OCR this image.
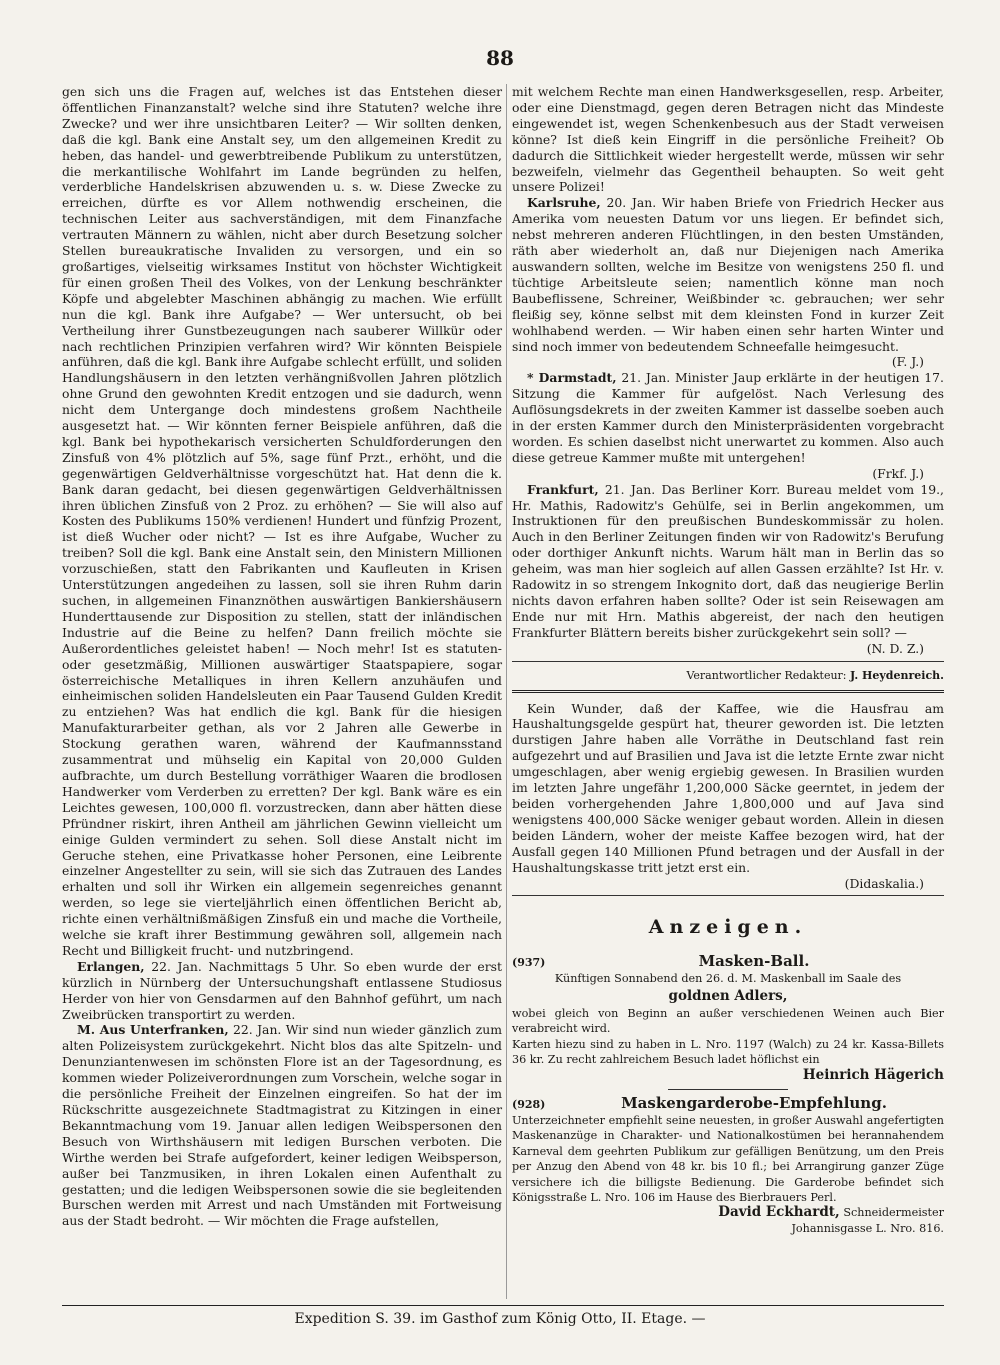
88

gen sich uns die Fragen auf, welches ist das Entstehen dieser öffentlichen Finanzanstalt? welche sind ihre Statuten? welche ihre Zwecke? und wer ihre unsichtbaren Leiter? — Wir sollten denken, daß die kgl. Bank eine Anstalt sey, um den allgemeinen Kredit zu heben, das handel- und gewerbtreibende Publikum zu unterstützen, die merkantilische Wohlfahrt im Lande begründen zu helfen, verderbliche Handelskrisen abzuwenden u. s. w. Diese Zwecke zu erreichen, dürfte es vor Allem nothwendig erscheinen, die technischen Leiter aus sachverständigen, mit dem Finanzfache vertrauten Männern zu wählen, nicht aber durch Besetzung solcher Stellen bureaukratische Invaliden zu versorgen, und ein so großartiges, vielseitig wirksames Institut von höchster Wichtigkeit für einen großen Theil des Volkes, von der Lenkung beschränkter Köpfe und abgelebter Maschinen abhängig zu machen. Wie erfüllt nun die kgl. Bank ihre Aufgabe? — Wer untersucht, ob bei Vertheilung ihrer Gunstbezeugungen nach sauberer Willkür oder nach rechtlichen Prinzipien verfahren wird? Wir könnten Beispiele anführen, daß die kgl. Bank ihre Aufgabe schlecht erfüllt, und soliden Handlungshäusern in den letzten verhängnißvollen Jahren plötzlich ohne Grund den gewohnten Kredit entzogen und sie dadurch, wenn nicht dem Untergange doch mindestens großem Nachtheile ausgesetzt hat. — Wir könnten ferner Beispiele anführen, daß die kgl. Bank bei hypothekarisch versicherten Schuldforderungen den Zinsfuß von 4% plötzlich auf 5%, sage fünf Przt., erhöht, und die gegenwärtigen Geldverhältnisse vorgeschützt hat. Hat denn die k. Bank daran gedacht, bei diesen gegenwärtigen Geldverhältnissen ihren üblichen Zinsfuß von 2 Proz. zu erhöhen? — Sie will also auf Kosten des Publikums 150% verdienen! Hundert und fünfzig Prozent, ist dieß Wucher oder nicht? — Ist es ihre Aufgabe, Wucher zu treiben? Soll die kgl. Bank eine Anstalt sein, den Ministern Millionen vorzuschießen, statt den Fabrikanten und Kaufleuten in Krisen Unterstützungen angedeihen zu lassen, soll sie ihren Ruhm darin suchen, in allgemeinen Finanznöthen auswärtigen Bankiershäusern Hunderttausende zur Disposition zu stellen, statt der inländischen Industrie auf die Beine zu helfen? Dann freilich möchte sie Außerordentliches geleistet haben! — Noch mehr! Ist es statuten- oder gesetzmäßig, Millionen auswärtiger Staatspapiere, sogar österreichische Metalliques in ihren Kellern anzuhäufen und einheimischen soliden Handelsleuten ein Paar Tausend Gulden Kredit zu entziehen? Was hat endlich die kgl. Bank für die hiesigen Manufakturarbeiter gethan, als vor 2 Jahren alle Gewerbe in Stockung gerathen waren, während der Kaufmannsstand zusammentrat und mühselig ein Kapital von 20,000 Gulden aufbrachte, um durch Bestellung vorräthiger Waaren die brodlosen Handwerker vom Verderben zu erretten? Der kgl. Bank wäre es ein Leichtes gewesen, 100,000 fl. vorzustrecken, dann aber hätten diese Pfründner riskirt, ihren Antheil am jährlichen Gewinn vielleicht um einige Gulden vermindert zu sehen. Soll diese Anstalt nicht im Geruche stehen, eine Privatkasse hoher Personen, eine Leibrente einzelner Angestellter zu sein, will sie sich das Zutrauen des Landes erhalten und soll ihr Wirken ein allgemein segenreiches genannt werden, so lege sie vierteljährlich einen öffentlichen Bericht ab, richte einen verhältnißmäßigen Zinsfuß ein und mache die Vortheile, welche sie kraft ihrer Bestimmung gewähren soll, allgemein nach Recht und Billigkeit frucht- und nutzbringend.

Erlangen, 22. Jan. Nachmittags 5 Uhr. So eben wurde der erst kürzlich in Nürnberg der Untersuchungshaft entlassene Studiosus Herder von hier von Gensdarmen auf den Bahnhof geführt, um nach Zweibrücken transportirt zu werden.

M. Aus Unterfranken, 22. Jan. Wir sind nun wieder gänzlich zum alten Polizeisystem zurückgekehrt. Nicht blos das alte Spitzeln- und Denunziantenwesen im schönsten Flore ist an der Tagesordnung, es kommen wieder Polizeiverordnungen zum Vorschein, welche sogar in die persönliche Freiheit der Einzelnen eingreifen. So hat der im Rückschritte ausgezeichnete Stadtmagistrat zu Kitzingen in einer Bekanntmachung vom 19. Januar allen ledigen Weibspersonen den Besuch von Wirthshäusern mit ledigen Burschen verboten. Die Wirthe werden bei Strafe aufgefordert, keiner ledigen Weibsperson, außer bei Tanzmusiken, in ihren Lokalen einen Aufenthalt zu gestatten; und die ledigen Weibspersonen sowie die sie begleitenden Burschen werden mit Arrest und nach Umständen mit Fortweisung aus der Stadt bedroht. — Wir möchten die Frage aufstellen,

mit welchem Rechte man einen Handwerksgesellen, resp. Arbeiter, oder eine Dienstmagd, gegen deren Betragen nicht das Mindeste eingewendet ist, wegen Schenkenbesuch aus der Stadt verweisen könne? Ist dieß kein Eingriff in die persönliche Freiheit? Ob dadurch die Sittlichkeit wieder hergestellt werde, müssen wir sehr bezweifeln, vielmehr das Gegentheil behaupten. So weit geht unsere Polizei!

Karlsruhe, 20. Jan. Wir haben Briefe von Friedrich Hecker aus Amerika vom neuesten Datum vor uns liegen. Er befindet sich, nebst mehreren anderen Flüchtlingen, in den besten Umständen, räth aber wiederholt an, daß nur Diejenigen nach Amerika auswandern sollten, welche im Besitze von wenigstens 250 fl. und tüchtige Arbeitsleute seien; namentlich könne man noch Baubeflissene, Schreiner, Weißbinder ꝛc. gebrauchen; wer sehr fleißig sey, könne selbst mit dem kleinsten Fond in kurzer Zeit wohlhabend werden. — Wir haben einen sehr harten Winter und sind noch immer von bedeutendem Schneefalle heimgesucht.

(F. J.)

* Darmstadt, 21. Jan. Minister Jaup erklärte in der heutigen 17. Sitzung die Kammer für aufgelöst. Nach Verlesung des Auflösungsdekrets in der zweiten Kammer ist dasselbe soeben auch in der ersten Kammer durch den Ministerpräsidenten vorgebracht worden. Es schien daselbst nicht unerwartet zu kommen. Also auch diese getreue Kammer mußte mit untergehen!

(Frkf. J.)

Frankfurt, 21. Jan. Das Berliner Korr. Bureau meldet vom 19., Hr. Mathis, Radowitz's Gehülfe, sei in Berlin angekommen, um Instruktionen für den preußischen Bundeskommissär zu holen. Auch in den Berliner Zeitungen finden wir von Radowitz's Berufung oder dorthiger Ankunft nichts. Warum hält man in Berlin das so geheim, was man hier sogleich auf allen Gassen erzählte? Ist Hr. v. Radowitz in so strengem Inkognito dort, daß das neugierige Berlin nichts davon erfahren haben sollte? Oder ist sein Reisewagen am Ende nur mit Hrn. Mathis abgereist, der nach den heutigen Frankfurter Blättern bereits bisher zurückgekehrt sein soll? —

(N. D. Z.)
Verantwortlicher Redakteur: J. Heydenreich.

Kein Wunder, daß der Kaffee, wie die Hausfrau am Haushaltungsgelde gespürt hat, theurer geworden ist. Die letzten durstigen Jahre haben alle Vorräthe in Deutschland fast rein aufgezehrt und auf Brasilien und Java ist die letzte Ernte zwar nicht umgeschlagen, aber wenig ergiebig gewesen. In Brasilien wurden im letzten Jahre ungefähr 1,200,000 Säcke geerntet, in jedem der beiden vorhergehenden Jahre 1,800,000 und auf Java sind wenigstens 400,000 Säcke weniger gebaut worden. Allein in diesen beiden Ländern, woher der meiste Kaffee bezogen wird, hat der Ausfall gegen 140 Millionen Pfund betragen und der Ausfall in der Haushaltungskasse tritt jetzt erst ein.

(Didaskalia.)
Anzeigen.
(937)	Masken-Ball.
Künftigen Sonnabend den 26. d. M. Maskenball im Saale des
goldnen Adlers,
wobei gleich von Beginn an außer verschiedenen Weinen auch Bier verabreicht wird.
Karten hiezu sind zu haben in L. Nro. 1197 (Walch) zu 24 kr. Kassa-Billets 36 kr. Zu recht zahlreichem Besuch ladet höflichst ein
Heinrich Hägerich
(928)	Maskengarderobe-Empfehlung.
Unterzeichneter empfiehlt seine neuesten, in großer Auswahl angefertigten Maskenanzüge in Charakter- und Nationalkostümen bei herannahendem Karneval dem geehrten Publikum zur gefälligen Benützung, um den Preis per Anzug den Abend von 48 kr. bis 10 fl.; bei Arrangirung ganzer Züge versichere ich die billigste Bedienung. Die Garderobe befindet sich Königsstraße L. Nro. 106 im Hause des Bierbrauers Perl.
David Eckhardt, Schneidermeister
Johannisgasse L. Nro. 816.
Expedition S. 39. im Gasthof zum König Otto, II. Etage. —
